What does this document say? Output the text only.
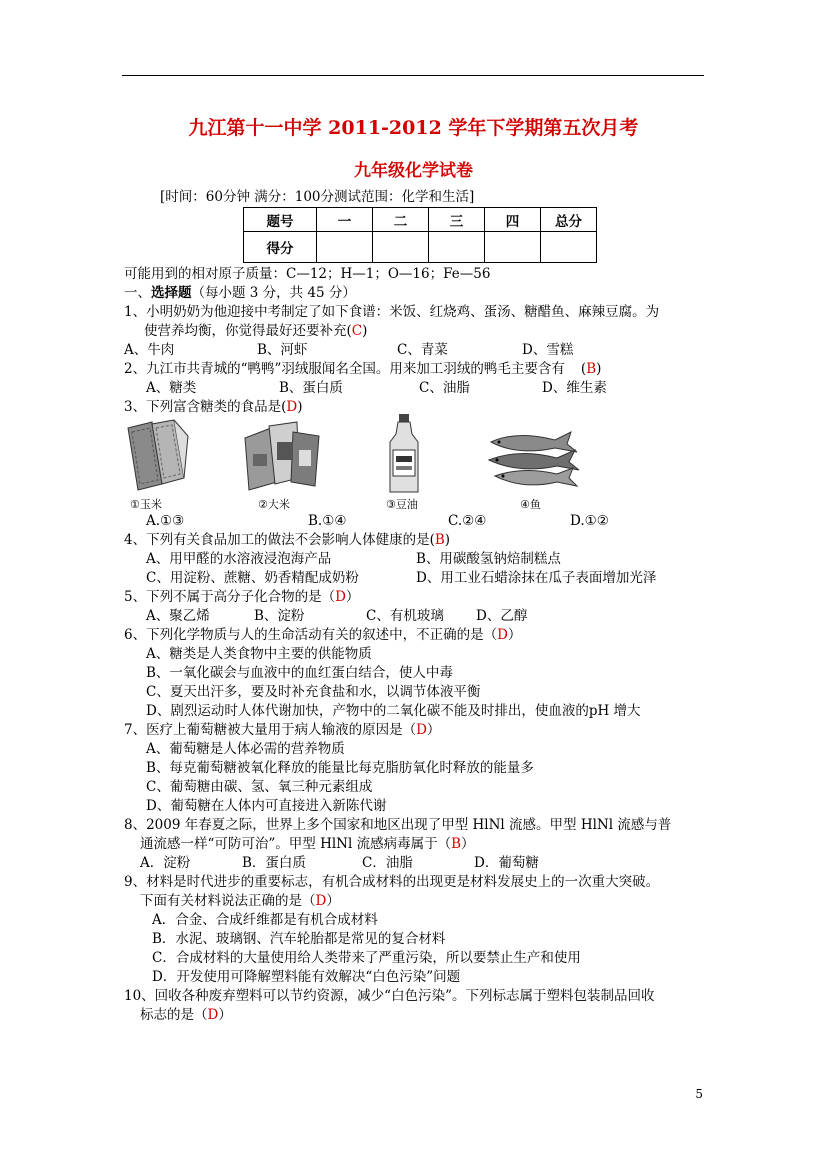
九江第十一中学 2011-2012 学年下学期第五次月考
九年级化学试卷
[时间：60分钟 满分：100分测试范围：化学和生活]
题号	一	二	三	四	总分
得分					
可能用到的相对原子质量：C—12；H—1；O—16；Fe—56
一、选择题（每小题 3 分，共 45 分）
1、小明奶奶为他迎接中考制定了如下食谱：米饭、红烧鸡、蛋汤、糖醋鱼、麻辣豆腐。为
使营养均衡，你觉得最好还要补充(C)
A、牛肉	B、河虾	C、青菜	D、雪糕
2、九江市共青城的“鸭鸭”羽绒服闻名全国。用来加工羽绒的鸭毛主要含有 (B)
A、糖类	B、蛋白质	C、油脂	D、维生素
3、下列富含糖类的食品是(D)
①玉米	②大米	③豆油	④鱼
A.①③	B.①④	C.②④	D.①②
4、下列有关食品加工的做法不会影响人体健康的是(B)
A、用甲醛的水溶液浸泡海产品	B、用碳酸氢钠焙制糕点
C、用淀粉、蔗糖、奶香精配成奶粉	D、用工业石蜡涂抹在瓜子表面增加光泽
5、下列不属于高分子化合物的是（D）
A、聚乙烯	B、淀粉	C、有机玻璃 D、乙醇
6、下列化学物质与人的生命活动有关的叙述中，不正确的是（D）
A、糖类是人类食物中主要的供能物质
B、一氧化碳会与血液中的血红蛋白结合，使人中毒
C、夏天出汗多，要及时补充食盐和水，以调节体液平衡
D、剧烈运动时人体代谢加快，产物中的二氧化碳不能及时排出，使血液的pH 增大
7、医疗上葡萄糖被大量用于病人输液的原因是（D）
A、葡萄糖是人体必需的营养物质
B、每克葡萄糖被氧化释放的能量比每克脂肪氧化时释放的能量多
C、葡萄糖由碳、氢、氧三种元素组成
D、葡萄糖在人体内可直接进入新陈代谢
8、2009 年春夏之际，世界上多个国家和地区出现了甲型 HlNl 流感。甲型 HlNl 流感与普
通流感一样“可防可治”。甲型 HlNl 流感病毒属于（B）
A．淀粉	B．蛋白质	C．油脂	D．葡萄糖
9、材料是时代进步的重要标志，有机合成材料的出现更是材料发展史上的一次重大突破。
下面有关材料说法正确的是（D）
A．合金、合成纤维都是有机合成材料
B．水泥、玻璃钢、汽车轮胎都是常见的复合材料
C．合成材料的大量使用给人类带来了严重污染，所以要禁止生产和使用
D．开发使用可降解塑料能有效解决“白色污染”问题
10、回收各种废弃塑料可以节约资源，减少“白色污染”。下列标志属于塑料包装制品回收
标志的是（D）
5
